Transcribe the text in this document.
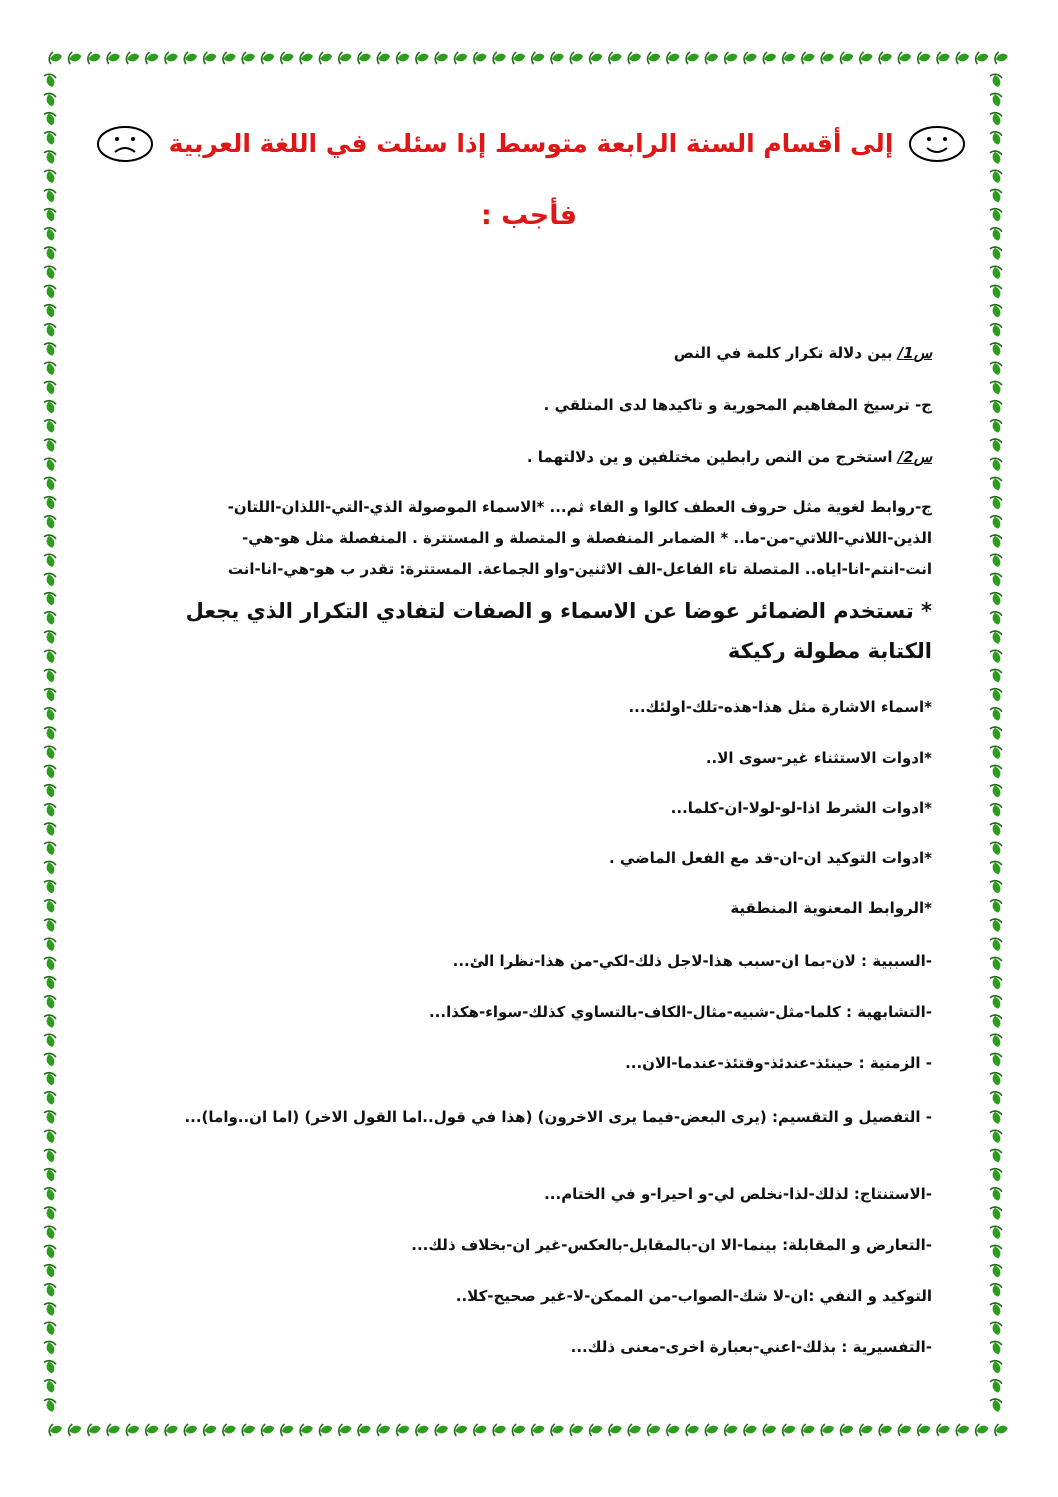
إلى أقسام السنة الرابعة متوسط إذا سئلت في اللغة العربية
فأجب :
س1/ بين دلالة تكرار كلمة في النص
ج- ترسيخ المفاهيم المحورية و تاكيدها لدى المتلقي .
س2/ استخرج من النص رابطين مختلفين و ين دلالتهما .
ج-روابط لغوية مثل حروف العطف كالوا و الفاء ثم... *الاسماء الموصولة الذي-التي-اللذان-اللتان-
الذين-اللاني-اللاتي-من-ما.. * الضماىر المنفصلة و المتصلة و المستترة . المنفصلة مثل هو-هي-
انت-انتم-انا-اياه.. المتصلة تاء الفاعل-الف الاثنين-واو الجماعة. المستترة: تقدر ب هو-هي-انا-انت
* تستخدم الضمائر عوضا عن الاسماء و الصفات لتفادي التكرار الذي يجعل
الكتابة مطولة ركيكة
*اسماء الاشارة مثل هذا-هذه-تلك-اولئك...
*ادوات الاستثناء غير-سوى الا..
*ادوات الشرط اذا-لو-لولا-ان-كلما...
*ادوات التوكيد ان-ان-قد مع الفعل الماضي .
*الروابط المعنوية المنطقية
-السببية : لان-بما ان-سبب هذا-لاجل ذلك-لكي-من هذا-نظرا الئ...
-التشابهية : كلما-مثل-شبيه-مثال-الكاف-بالتساوي كذلك-سواء-هكذا...
- الزمنية : حينئذ-عندئذ-وقتئذ-عندما-الان...
- التفصيل و التقسيم: (يرى البعض-فيما يرى الاخرون) (هذا في قول..اما القول الاخر) (اما ان..واما)...
-الاستنتاج: لذلك-لذا-نخلص لي-و احيرا-و في الختام...
-التعارض و المقابلة: بينما-الا ان-بالمقابل-بالعكس-غير ان-بخلاف ذلك...
التوكيد و النفي :ان-لا شك-الصواب-من الممكن-لا-غير صحيح-كلا..
-التفسيرية : بذلك-اعني-بعبارة اخرى-معنى ذلك...
